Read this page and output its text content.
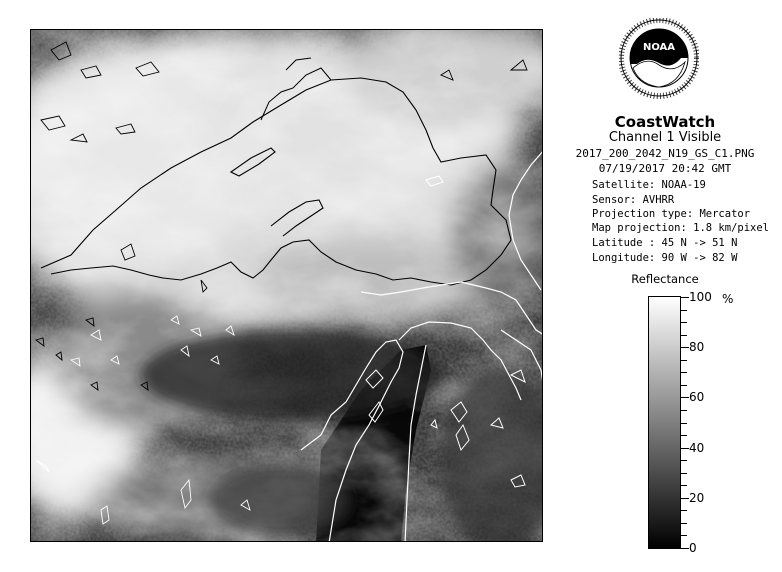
NOAA
CoastWatch
Channel 1 Visible
2017_200_2042_N19_GS_C1.PNG
07/19/2017 20:42 GMT
Satellite: NOAA-19
Sensor: AVHRR
Projection type: Mercator
Map projection: 1.8 km/pixel
Latitude : 45 N -> 51 N
Longitude: 90 W -> 82 W
Reflectance
%
100
80
60
40
20
0
